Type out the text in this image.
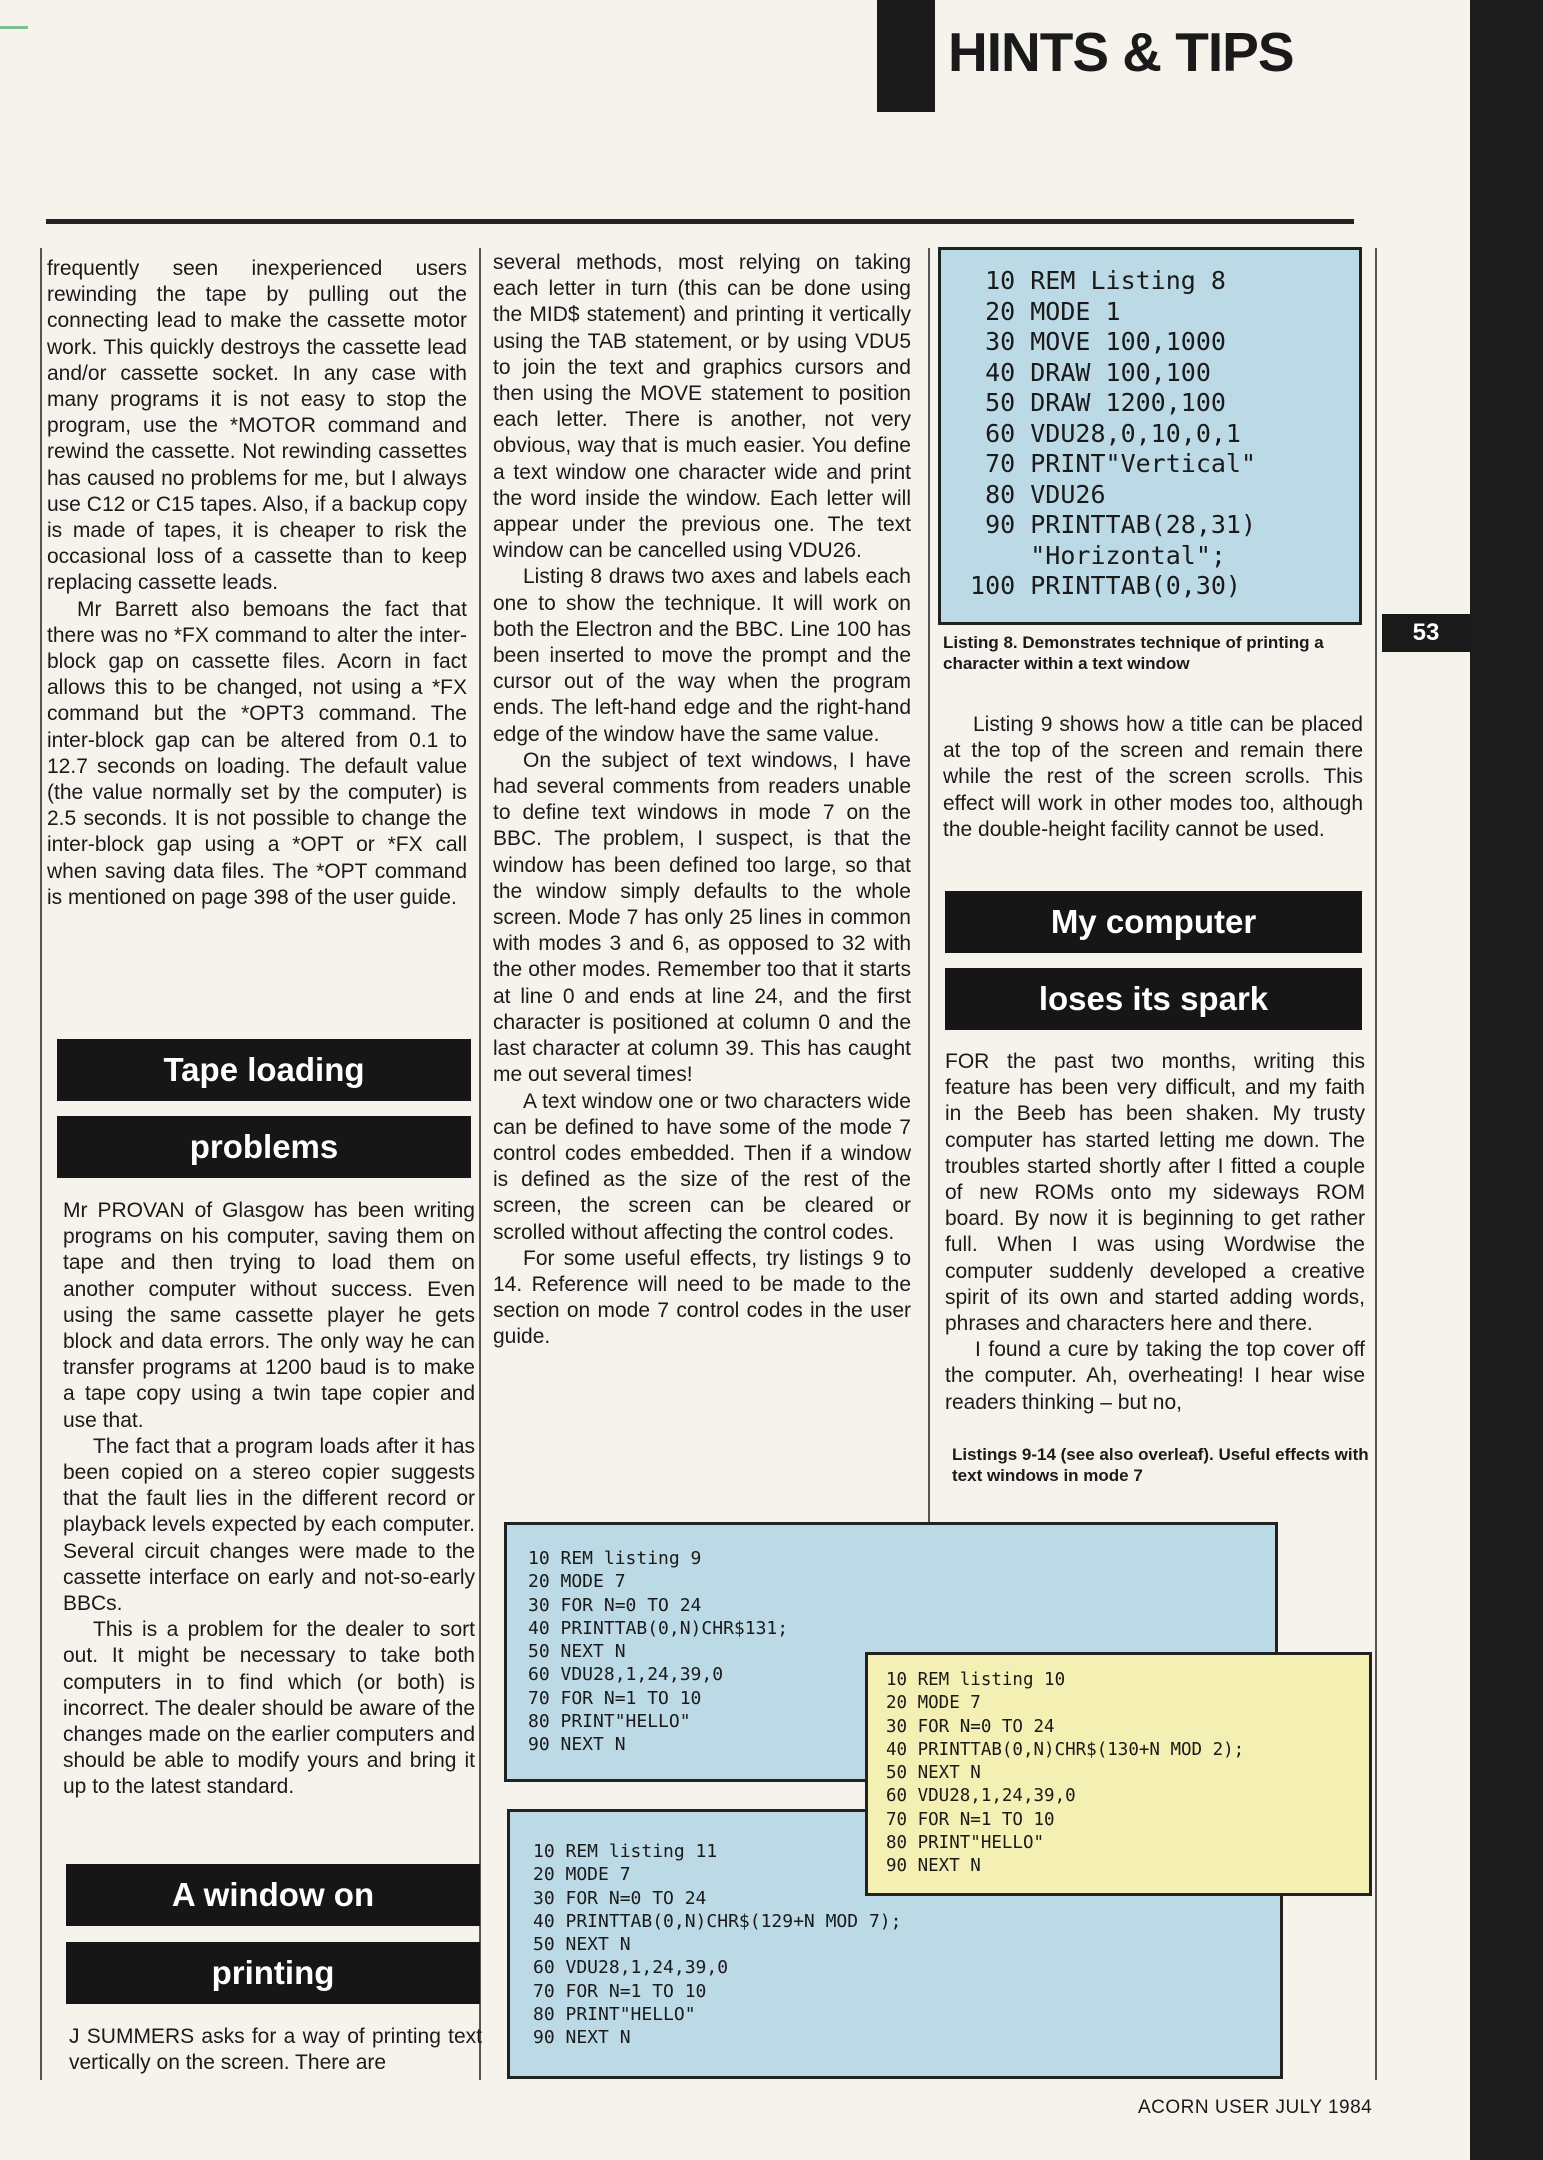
HINTS & TIPS

frequently seen inexperienced users rewinding the tape by pulling out the connecting lead to make the cassette motor work. This quickly destroys the cassette lead and/or cassette socket. In any case with many programs it is not easy to stop the program, use the *MOTOR command and rewind the cassette. Not rewinding cassettes has caused no problems for me, but I always use C12 or C15 tapes. Also, if a backup copy is made of tapes, it is cheaper to risk the occasional loss of a cassette than to keep replacing cassette leads.

Mr Barrett also bemoans the fact that there was no *FX command to alter the inter-block gap on cassette files. Acorn in fact allows this to be changed, not using a *FX command but the *OPT3 command. The inter-block gap can be altered from 0.1 to 12.7 seconds on loading. The default value (the value normally set by the computer) is 2.5 seconds. It is not possible to change the inter-block gap using a *OPT or *FX call when saving data files. The *OPT command is mentioned on page 398 of the user guide.

Tape loading
problems

Mr PROVAN of Glasgow has been writing programs on his computer, saving them on tape and then trying to load them on another computer without success. Even using the same cassette player he gets block and data errors. The only way he can transfer programs at 1200 baud is to make a tape copy using a twin tape copier and use that.

The fact that a program loads after it has been copied on a stereo copier suggests that the fault lies in the different record or playback levels expected by each computer. Several circuit changes were made to the cassette interface on early and not-so-early BBCs.

This is a problem for the dealer to sort out. It might be necessary to take both computers in to find which (or both) is incorrect. The dealer should be aware of the changes made on the earlier computers and should be able to modify yours and bring it up to the latest standard.

A window on
printing

J SUMMERS asks for a way of printing text vertically on the screen. There are

several methods, most relying on taking each letter in turn (this can be done using the MID$ statement) and printing it vertically using the TAB statement, or by using VDU5 to join the text and graphics cursors and then using the MOVE statement to position each letter. There is another, not very obvious, way that is much easier. You define a text window one character wide and print the word inside the window. Each letter will appear under the previous one. The text window can be cancelled using VDU26.

Listing 8 draws two axes and labels each one to show the technique. It will work on both the Electron and the BBC. Line 100 has been inserted to move the prompt and the cursor out of the way when the program ends. The left-hand edge and the right-hand edge of the window have the same value.

On the subject of text windows, I have had several comments from readers unable to define text windows in mode 7 on the BBC. The problem, I suspect, is that the window has been defined too large, so that the window simply defaults to the whole screen. Mode 7 has only 25 lines in common with modes 3 and 6, as opposed to 32 with the other modes. Remember too that it starts at line 0 and ends at line 24, and the first character is positioned at column 0 and the last character at column 39. This has caught me out several times!

A text window one or two characters wide can be defined to have some of the mode 7 control codes embedded. Then if a window is defined as the size of the rest of the screen, the screen can be cleared or scrolled without affecting the control codes.

For some useful effects, try listings 9 to 14. Reference will need to be made to the section on mode 7 control codes in the user guide.

10 REM Listing 8
20 MODE 1
30 MOVE 100,1000
40 DRAW 100,100
50 DRAW 1200,100
60 VDU28,0,10,0,1
70 PRINT"Vertical"
80 VDU26
90 PRINTTAB(28,31)
"Horizontal";
100 PRINTTAB(0,30)
Listing 8. Demonstrates technique of printing a character within a text window
53

Listing 9 shows how a title can be placed at the top of the screen and remain there while the rest of the screen scrolls. This effect will work in other modes too, although the double-height facility cannot be used.

My computer
loses its spark

FOR the past two months, writing this feature has been very difficult, and my faith in the Beeb has been shaken. My trusty computer has started letting me down. The troubles started shortly after I fitted a couple of new ROMs onto my sideways ROM board. By now it is beginning to get rather full. When I was using Wordwise the computer suddenly developed a creative spirit of its own and started adding words, phrases and characters here and there.

I found a cure by taking the top cover off the computer. Ah, overheating! I hear wise readers thinking – but no,

Listings 9-14 (see also overleaf). Useful effects with text windows in mode 7
10 REM listing 9
20 MODE 7
30 FOR N=0 TO 24
40 PRINTTAB(0,N)CHR$131;
50 NEXT N
60 VDU28,1,24,39,0
70 FOR N=1 TO 10
80 PRINT"HELLO"
90 NEXT N
10 REM listing 11
20 MODE 7
30 FOR N=0 TO 24
40 PRINTTAB(0,N)CHR$(129+N MOD 7);
50 NEXT N
60 VDU28,1,24,39,0
70 FOR N=1 TO 10
80 PRINT"HELLO"
90 NEXT N
10 REM listing 10
20 MODE 7
30 FOR N=0 TO 24
40 PRINTTAB(0,N)CHR$(130+N MOD 2);
50 NEXT N
60 VDU28,1,24,39,0
70 FOR N=1 TO 10
80 PRINT"HELLO"
90 NEXT N
ACORN USER JULY 1984
